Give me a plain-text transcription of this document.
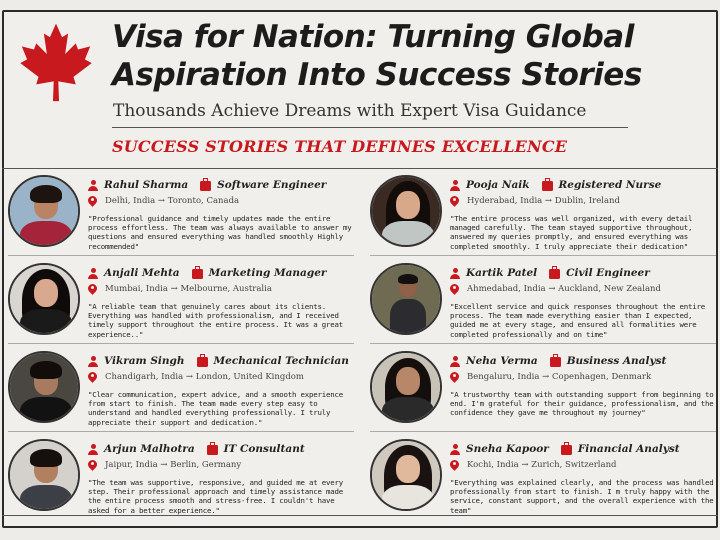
Visa for Nation: Turning Global Aspiration Into Success Stories
Thousands Achieve Dreams with Expert Visa Guidance
SUCCESS STORIES THAT DEFINES EXCELLENCE
Rahul Sharma	Software Engineer
Delhi, India → Toronto, Canada
"Professional guidance and timely updates made the entire process effortless. The team was always available to answer my questions and ensured everything was handled smoothly Highly recommended"
Pooja Naik	Registered Nurse
Hyderabad, India → Dublin, Ireland
"The entire process was well organized, with every detail managed carefully. The team stayed supportive throughout, answered my queries promptly, and ensured everything was completed smoothly. I truly appreciate their dedication"
Anjali Mehta	Marketing Manager
Mumbai, India → Melbourne, Australia
"A reliable team that genuinely cares about its clients. Everything was handled with professionalism, and I received timely support throughout the entire process. It was a great experience.."
Kartik Patel	Civil Engineer
Ahmedabad, India → Auckland, New Zealand
"Excellent service and quick responses throughout the entire process. The team made everything easier than I expected, guided me at every stage, and ensured all formalities were completed professionally and on time"
Vikram Singh	Mechanical Technician
Chandigarh, India → London, United Kingdom
"Clear communication, expert advice, and a smooth experience from start to finish. The team made every step easy to understand and handled everything professionally. I truly appreciate their support and dedication."
Neha Verma	Business Analyst
Bengaluru, India → Copenhagen, Denmark
"A trustworthy team with outstanding support from beginning to end. I'm grateful for their guidance, professionalism, and the confidence they gave me throughout my journey"
Arjun Malhotra	IT Consultant
Jaipur, India → Berlin, Germany
"The team was supportive, responsive, and guided me at every step. Their professional approach and timely assistance made the entire process smooth and stress-free. I couldn't have asked for a better experience."
Sneha Kapoor	Financial Analyst
Kochi, India → Zurich, Switzerland
"Everything was explained clearly, and the process was handled professionally from start to finish. I m truly happy with the service, constant support, and the overall experience with the team"
